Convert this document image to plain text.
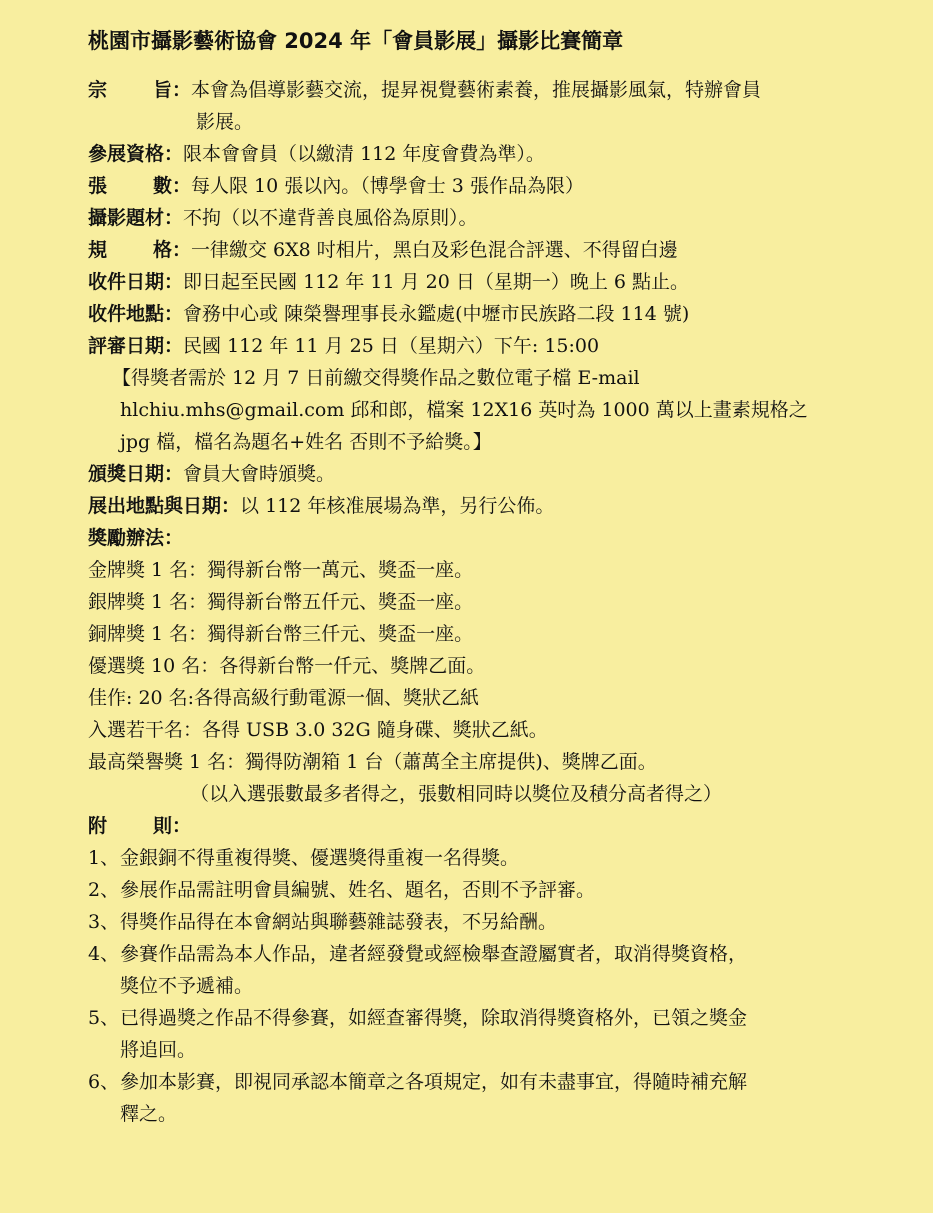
桃園市攝影藝術協會 2024 年「會員影展」攝影比賽簡章
宗 旨 ： 本會為倡導影藝交流，提昇視覺藝術素養，推展攝影風氣，特辦會員
影展。
參展資格 ： 限本會會員（以繳清 112 年度會費為準）。
張 數 ： 每人限 10 張以內。（博學會士 3 張作品為限）
攝影題材 ： 不拘（以不違背善良風俗為原則）。
規 格 ： 一律繳交 6X8 吋相片，黑白及彩色混合評選、不得留白邊
收件日期 ： 即日起至民國 112 年 11 月 20 日（星期一）晚上 6 點止。
收件地點 ： 會務中心或 陳榮譽理事長永鑑處(中壢市民族路二段 114 號)
評審日期 ： 民國 112 年 11 月 25 日（星期六）下午: 15:00
【得獎者需於 12 月 7 日前繳交得獎作品之數位電子檔 E-mail
hlchiu.mhs@gmail.com 邱和郎，檔案 12X16 英吋為 1000 萬以上畫素規格之
jpg 檔，檔名為題名+姓名 否則不予給獎。】
頒獎日期 ： 會員大會時頒獎。
展出地點與日期 ： 以 112 年核准展場為準，另行公佈。
獎勵辦法：
金牌獎 1 名：獨得新台幣一萬元、獎盃一座。
銀牌獎 1 名：獨得新台幣五仟元、獎盃一座。
銅牌獎 1 名：獨得新台幣三仟元、獎盃一座。
優選獎 10 名：各得新台幣一仟元、獎牌乙面。
佳作: 20 名:各得高級行動電源一個、獎狀乙紙
入選若干名：各得 USB 3.0 32G 隨身碟、獎狀乙紙。
最高榮譽獎 1 名：獨得防潮箱 1 台（蕭萬全主席提供)、獎牌乙面。
（以入選張數最多者得之，張數相同時以獎位及積分高者得之）
附 則 ：
1、 金銀銅不得重複得獎、優選獎得重複一名得獎。
2、 參展作品需註明會員編號、姓名、題名，否則不予評審。
3、 得獎作品得在本會網站與聯藝雜誌發表，不另給酬。
4、 參賽作品需為本人作品，違者經發覺或經檢舉查證屬實者，取消得獎資格，
獎位不予遞補。
5、 已得過獎之作品不得參賽，如經查審得獎，除取消得獎資格外，已領之獎金
將追回。
6、 參加本影賽，即視同承認本簡章之各項規定，如有未盡事宜，得隨時補充解
釋之。
